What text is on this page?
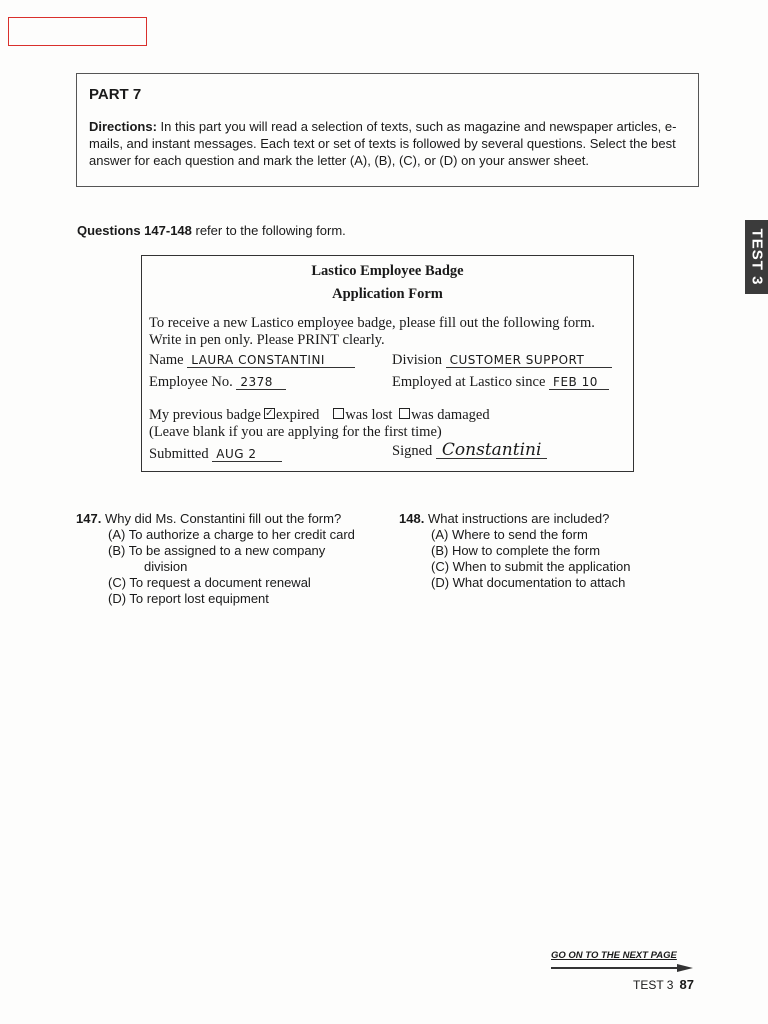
PART 7

Directions: In this part you will read a selection of texts, such as magazine and newspaper articles, e-mails, and instant messages. Each text or set of texts is followed by several questions. Select the best answer for each question and mark the letter (A), (B), (C), or (D) on your answer sheet.

TEST 3
Questions 147-148 refer to the following form.
Lastico Employee Badge
Application Form
To receive a new Lastico employee badge, please fill out the following form.
Write in pen only. Please PRINT clearly.
Name LAURA CONSTANTINI	Division CUSTOMER SUPPORT
Employee No. 2378	Employed at Lastico since FEB 10
My previous badge✓ expired was lost was damaged
(Leave blank if you are applying for the first time)
Submitted AUG 2	Signed Constantini
147. Why did Ms. Constantini fill out the form?
(A) To authorize a charge to her credit card
(B) To be assigned to a new company
division
(C) To request a document renewal
(D) To report lost equipment
148. What instructions are included?
(A) Where to send the form
(B) How to complete the form
(C) When to submit the application
(D) What documentation to attach
GO ON TO THE NEXT PAGE
TEST 3 87
